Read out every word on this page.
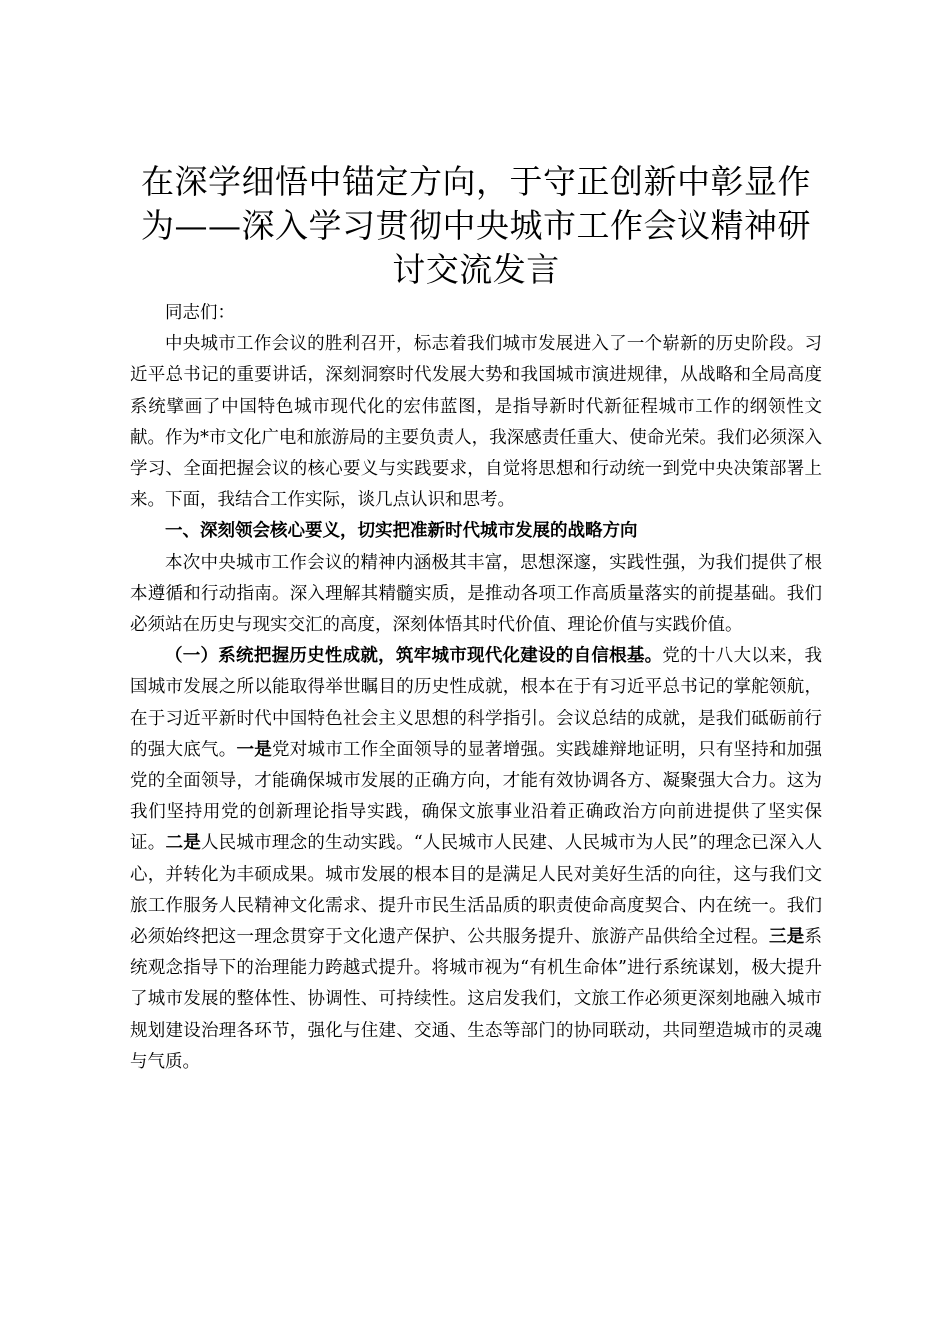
在深学细悟中锚定方向，于守正创新中彰显作为——深入学习贯彻中央城市工作会议精神研讨交流发言

同志们：

中央城市工作会议的胜利召开，标志着我们城市发展进入了一个崭新的历史阶段。习近平总书记的重要讲话，深刻洞察时代发展大势和我国城市演进规律，从战略和全局高度系统擘画了中国特色城市现代化的宏伟蓝图，是指导新时代新征程城市工作的纲领性文献。作为*市文化广电和旅游局的主要负责人，我深感责任重大、使命光荣。我们必须深入学习、全面把握会议的核心要义与实践要求，自觉将思想和行动统一到党中央决策部署上来。下面，我结合工作实际，谈几点认识和思考。

一、深刻领会核心要义，切实把准新时代城市发展的战略方向

本次中央城市工作会议的精神内涵极其丰富，思想深邃，实践性强，为我们提供了根本遵循和行动指南。深入理解其精髓实质，是推动各项工作高质量落实的前提基础。我们必须站在历史与现实交汇的高度，深刻体悟其时代价值、理论价值与实践价值。

（一）系统把握历史性成就，筑牢城市现代化建设的自信根基。党的十八大以来，我国城市发展之所以能取得举世瞩目的历史性成就，根本在于有习近平总书记的掌舵领航，在于习近平新时代中国特色社会主义思想的科学指引。会议总结的成就，是我们砥砺前行的强大底气。一是党对城市工作全面领导的显著增强。实践雄辩地证明，只有坚持和加强党的全面领导，才能确保城市发展的正确方向，才能有效协调各方、凝聚强大合力。这为我们坚持用党的创新理论指导实践，确保文旅事业沿着正确政治方向前进提供了坚实保证。二是人民城市理念的生动实践。“人民城市人民建、人民城市为人民”的理念已深入人心，并转化为丰硕成果。城市发展的根本目的是满足人民对美好生活的向往，这与我们文旅工作服务人民精神文化需求、提升市民生活品质的职责使命高度契合、内在统一。我们必须始终把这一理念贯穿于文化遗产保护、公共服务提升、旅游产品供给全过程。三是系统观念指导下的治理能力跨越式提升。将城市视为“有机生命体”进行系统谋划，极大提升了城市发展的整体性、协调性、可持续性。这启发我们，文旅工作必须更深刻地融入城市规划建设治理各环节，强化与住建、交通、生态等部门的协同联动，共同塑造城市的灵魂与气质。
